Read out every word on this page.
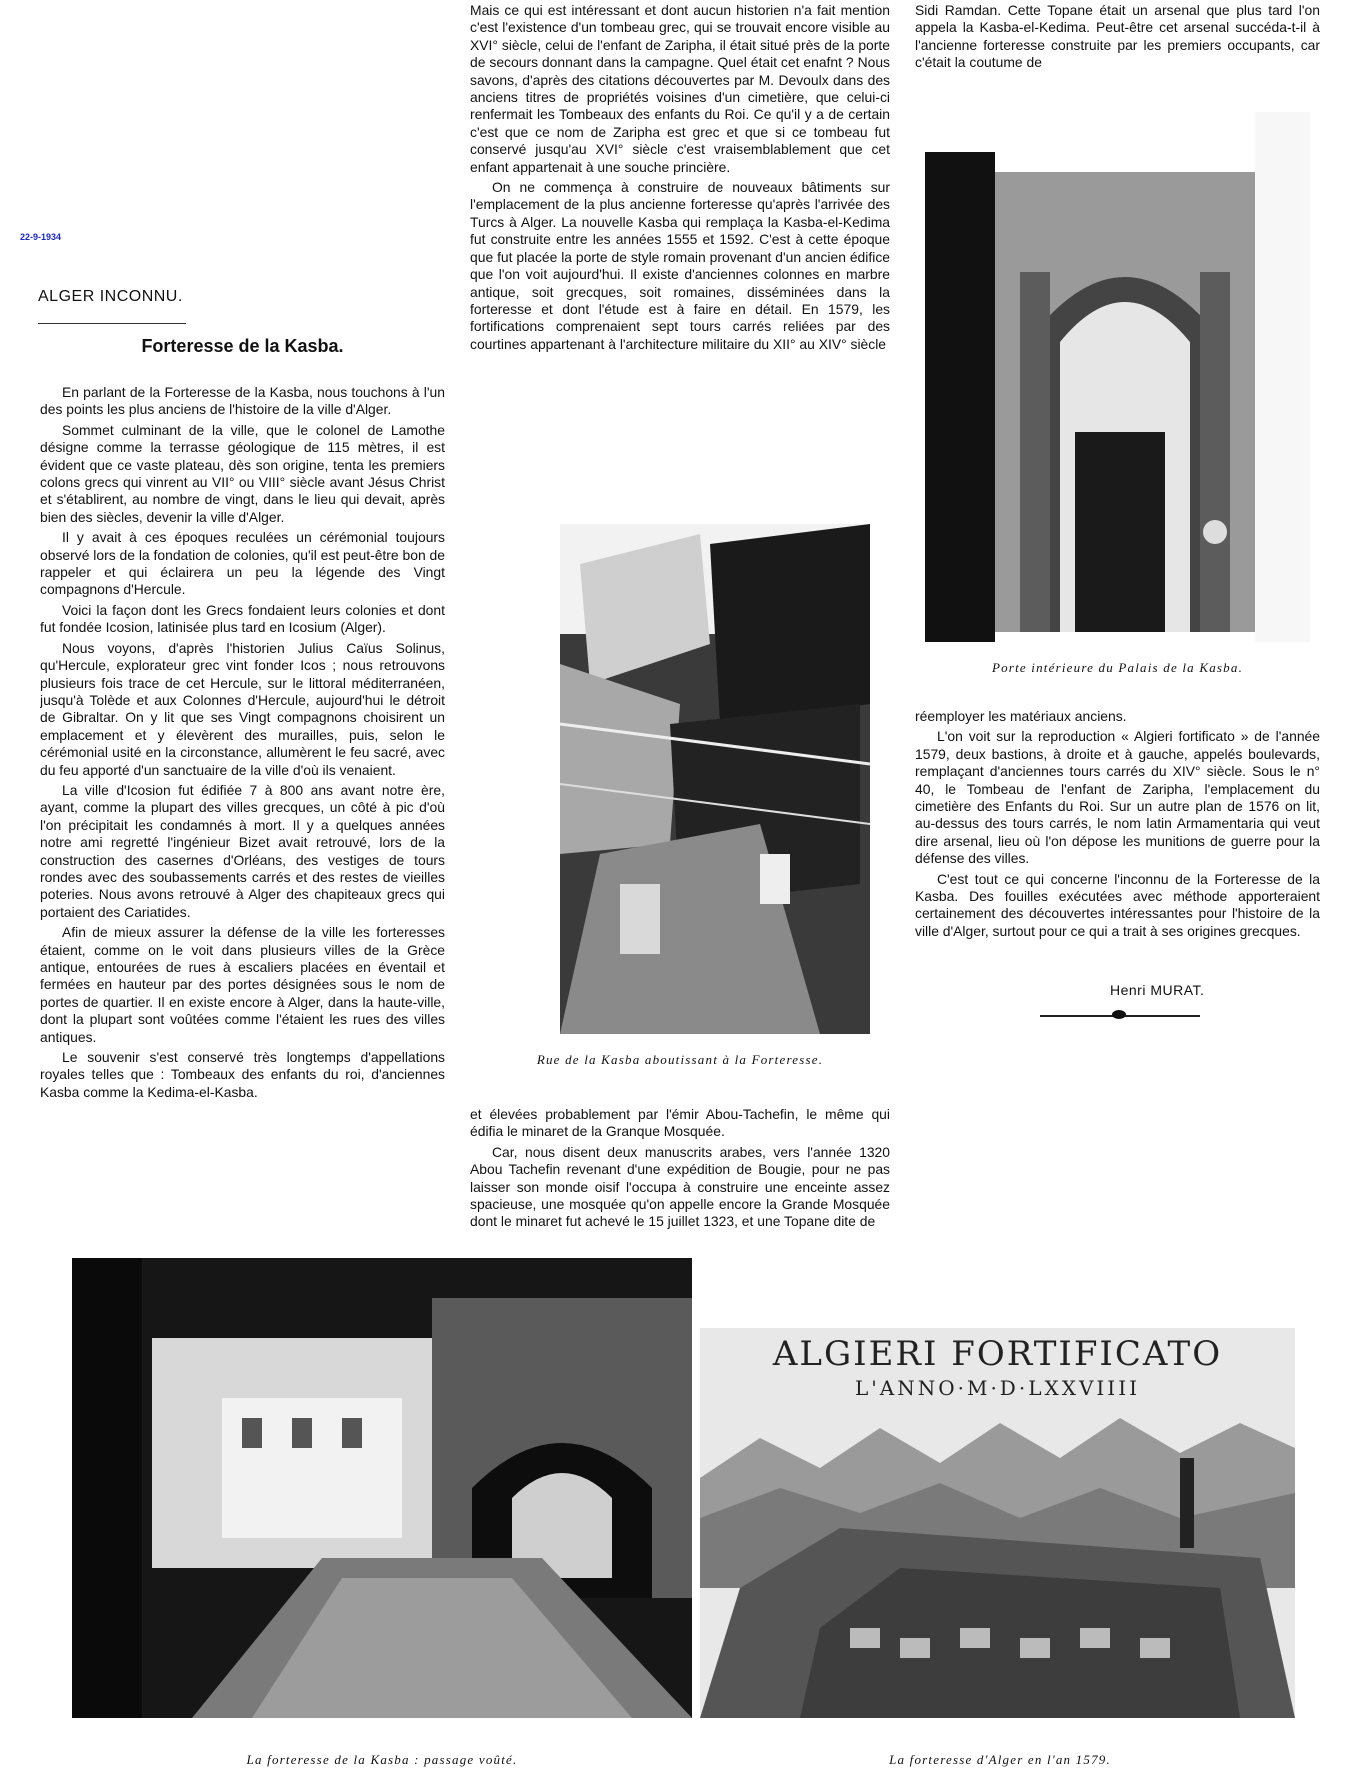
22-9-1934
ALGER INCONNU.
Forteresse de la Kasba.

En parlant de la Forteresse de la Kasba, nous touchons à l'un des points les plus anciens de l'histoire de la ville d'Alger.

Sommet culminant de la ville, que le colonel de Lamothe désigne comme la terrasse géologique de 115 mètres, il est évident que ce vaste plateau, dès son origine, tenta les premiers colons grecs qui vinrent au VII° ou VIII° siècle avant Jésus Christ et s'établirent, au nombre de vingt, dans le lieu qui devait, après bien des siècles, devenir la ville d'Alger.

Il y avait à ces époques reculées un cérémonial toujours observé lors de la fondation de colonies, qu'il est peut-être bon de rappeler et qui éclairera un peu la légende des Vingt compagnons d'Hercule.

Voici la façon dont les Grecs fondaient leurs colonies et dont fut fondée Icosion, latinisée plus tard en Icosium (Alger).

Nous voyons, d'après l'historien Julius Caïus Solinus, qu'Hercule, explorateur grec vint fonder Icos ; nous retrouvons plusieurs fois trace de cet Hercule, sur le littoral méditerranéen, jusqu'à Tolède et aux Colonnes d'Hercule, aujourd'hui le détroit de Gibraltar. On y lit que ses Vingt compagnons choisirent un emplacement et y élevèrent des murailles, puis, selon le cérémonial usité en la circonstance, allumèrent le feu sacré, avec du feu apporté d'un sanctuaire de la ville d'où ils venaient.

La ville d'Icosion fut édifiée 7 à 800 ans avant notre ère, ayant, comme la plupart des villes grecques, un côté à pic d'où l'on précipitait les condamnés à mort. Il y a quelques années notre ami regretté l'ingénieur Bizet avait retrouvé, lors de la construction des casernes d'Orléans, des vestiges de tours rondes avec des soubassements carrés et des restes de vieilles poteries. Nous avons retrouvé à Alger des chapiteaux grecs qui portaient des Cariatides.

Afin de mieux assurer la défense de la ville les forteresses étaient, comme on le voit dans plusieurs villes de la Grèce antique, entourées de rues à escaliers placées en éventail et fermées en hauteur par des portes désignées sous le nom de portes de quartier. Il en existe encore à Alger, dans la haute-ville, dont la plupart sont voûtées comme l'étaient les rues des villes antiques.

Le souvenir s'est conservé très longtemps d'appellations royales telles que : Tombeaux des enfants du roi, d'anciennes Kasba comme la Kedima-el-Kasba.

Mais ce qui est intéressant et dont aucun historien n'a fait mention c'est l'existence d'un tombeau grec, qui se trouvait encore visible au XVI° siècle, celui de l'enfant de Zaripha, il était situé près de la porte de secours donnant dans la campagne. Quel était cet enafnt ? Nous savons, d'après des citations découvertes par M. Devoulx dans des anciens titres de propriétés voisines d'un cimetière, que celui-ci renfermait les Tombeaux des enfants du Roi. Ce qu'il y a de certain c'est que ce nom de Zaripha est grec et que si ce tombeau fut conservé jusqu'au XVI° siècle c'est vraisemblablement que cet enfant appartenait à une souche princière.

On ne commença à construire de nouveaux bâtiments sur l'emplacement de la plus ancienne forteresse qu'après l'arrivée des Turcs à Alger. La nouvelle Kasba qui remplaça la Kasba-el-Kedima fut construite entre les années 1555 et 1592. C'est à cette époque que fut placée la porte de style romain provenant d'un ancien édifice que l'on voit aujourd'hui. Il existe d'anciennes colonnes en marbre antique, soit grecques, soit romaines, disséminées dans la forteresse et dont l'étude est à faire en détail. En 1579, les fortifications comprenaient sept tours carrés reliées par des courtines appartenant à l'architecture militaire du XII° au XIV° siècle

Rue de la Kasba aboutissant à la Forteresse.

Sidi Ramdan. Cette Topane était un arsenal que plus tard l'on appela la Kasba-el-Kedima. Peut-être cet arsenal succéda-t-il à l'ancienne forteresse construite par les premiers occupants, car c'était la coutume de

Porte intérieure du Palais de la Kasba.

réemployer les matériaux anciens.

L'on voit sur la reproduction « Algieri fortificato » de l'année 1579, deux bastions, à droite et à gauche, appelés boulevards, remplaçant d'anciennes tours carrés du XIV° siècle. Sous le n° 40, le Tombeau de l'enfant de Zaripha, l'emplacement du cimetière des Enfants du Roi. Sur un autre plan de 1576 on lit, au-dessus des tours carrés, le nom latin Armamentaria qui veut dire arsenal, lieu où l'on dépose les munitions de guerre pour la défense des villes.

C'est tout ce qui concerne l'inconnu de la Forteresse de la Kasba. Des fouilles exécutées avec méthode apporteraient certainement des découvertes intéressantes pour l'histoire de la ville d'Alger, surtout pour ce qui a trait à ses origines grecques.

Henri MURAT.

et élevées probablement par l'émir Abou-Tachefin, le même qui édifia le minaret de la Granque Mosquée.

Car, nous disent deux manuscrits arabes, vers l'année 1320 Abou Tachefin revenant d'une expédition de Bougie, pour ne pas laisser son monde oisif l'occupa à construire une enceinte assez spacieuse, une mosquée qu'on appelle encore la Grande Mosquée dont le minaret fut achevé le 15 juillet 1323, et une Topane dite de

La forteresse de la Kasba : passage voûté.
ALGIERI FORTIFICATO
L'ANNO·M·D·LXXVIIII
La forteresse d'Alger en l'an 1579.
